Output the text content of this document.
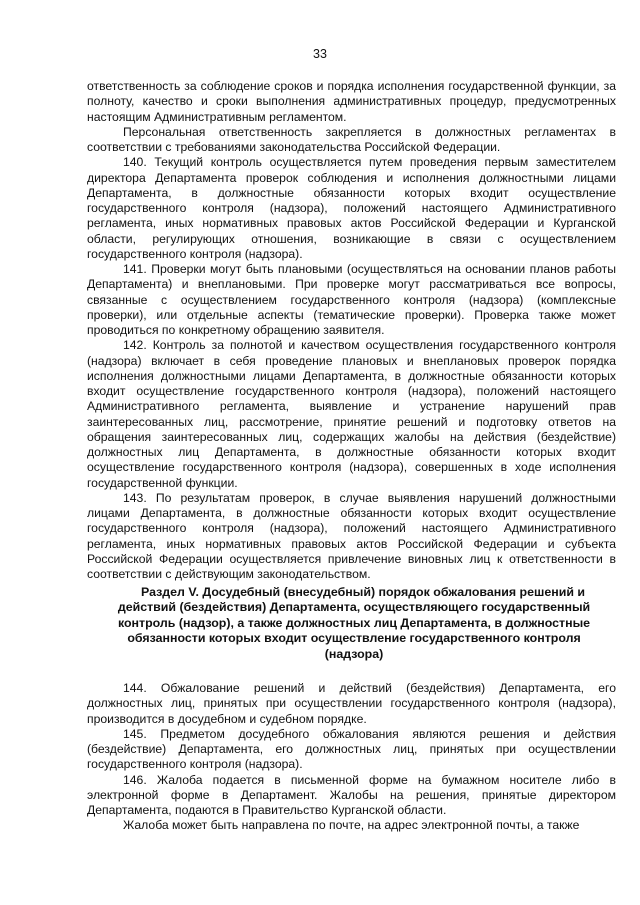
33

ответственность за соблюдение сроков и порядка исполнения государственной функции, за полноту, качество и сроки выполнения административных процедур, предусмотренных настоящим Административным регламентом.

Персональная ответственность закрепляется в должностных регламентах в соответствии с требованиями законодательства Российской Федерации.

140. Текущий контроль осуществляется путем проведения первым заместителем директора Департамента проверок соблюдения и исполнения должностными лицами Департамента, в должностные обязанности которых входит осуществление государственного контроля (надзора), положений настоящего Административного регламента, иных нормативных правовых актов Российской Федерации и Курганской области, регулирующих отношения, возникающие в связи с осуществлением государственного контроля (надзора).

141. Проверки могут быть плановыми (осуществляться на основании планов работы Департамента) и внеплановыми. При проверке могут рассматриваться все вопросы, связанные с осуществлением государственного контроля (надзора) (комплексные проверки), или отдельные аспекты (тематические проверки). Проверка также может проводиться по конкретному обращению заявителя.

142. Контроль за полнотой и качеством осуществления государственного контроля (надзора) включает в себя проведение плановых и внеплановых проверок порядка исполнения должностными лицами Департамента, в должностные обязанности которых входит осуществление государственного контроля (надзора), положений настоящего Административного регламента, выявление и устранение нарушений прав заинтересованных лиц, рассмотрение, принятие решений и подготовку ответов на обращения заинтересованных лиц, содержащих жалобы на действия (бездействие) должностных лиц Департамента, в должностные обязанности которых входит осуществление государственного контроля (надзора), совершенных в ходе исполнения государственной функции.

143. По результатам проверок, в случае выявления нарушений должностными лицами Департамента, в должностные обязанности которых входит осуществление государственного контроля (надзора), положений настоящего Административного регламента, иных нормативных правовых актов Российской Федерации и субъекта Российской Федерации осуществляется привлечение виновных лиц к ответственности в соответствии с действующим законодательством.

Раздел V. Досудебный (внесудебный) порядок обжалования решений и действий (бездействия) Департамента, осуществляющего государственный контроль (надзор), а также должностных лиц Департамента, в должностные обязанности которых входит осуществление государственного контроля (надзора)

144. Обжалование решений и действий (бездействия) Департамента, его должностных лиц, принятых при осуществлении государственного контроля (надзора), производится в досудебном и судебном порядке.

145. Предметом досудебного обжалования являются решения и действия (бездействие) Департамента, его должностных лиц, принятых при осуществлении государственного контроля (надзора).

146. Жалоба подается в письменной форме на бумажном носителе либо в электронной форме в Департамент. Жалобы на решения, принятые директором Департамента, подаются в Правительство Курганской области.

Жалоба может быть направлена по почте, на адрес электронной почты, а также
